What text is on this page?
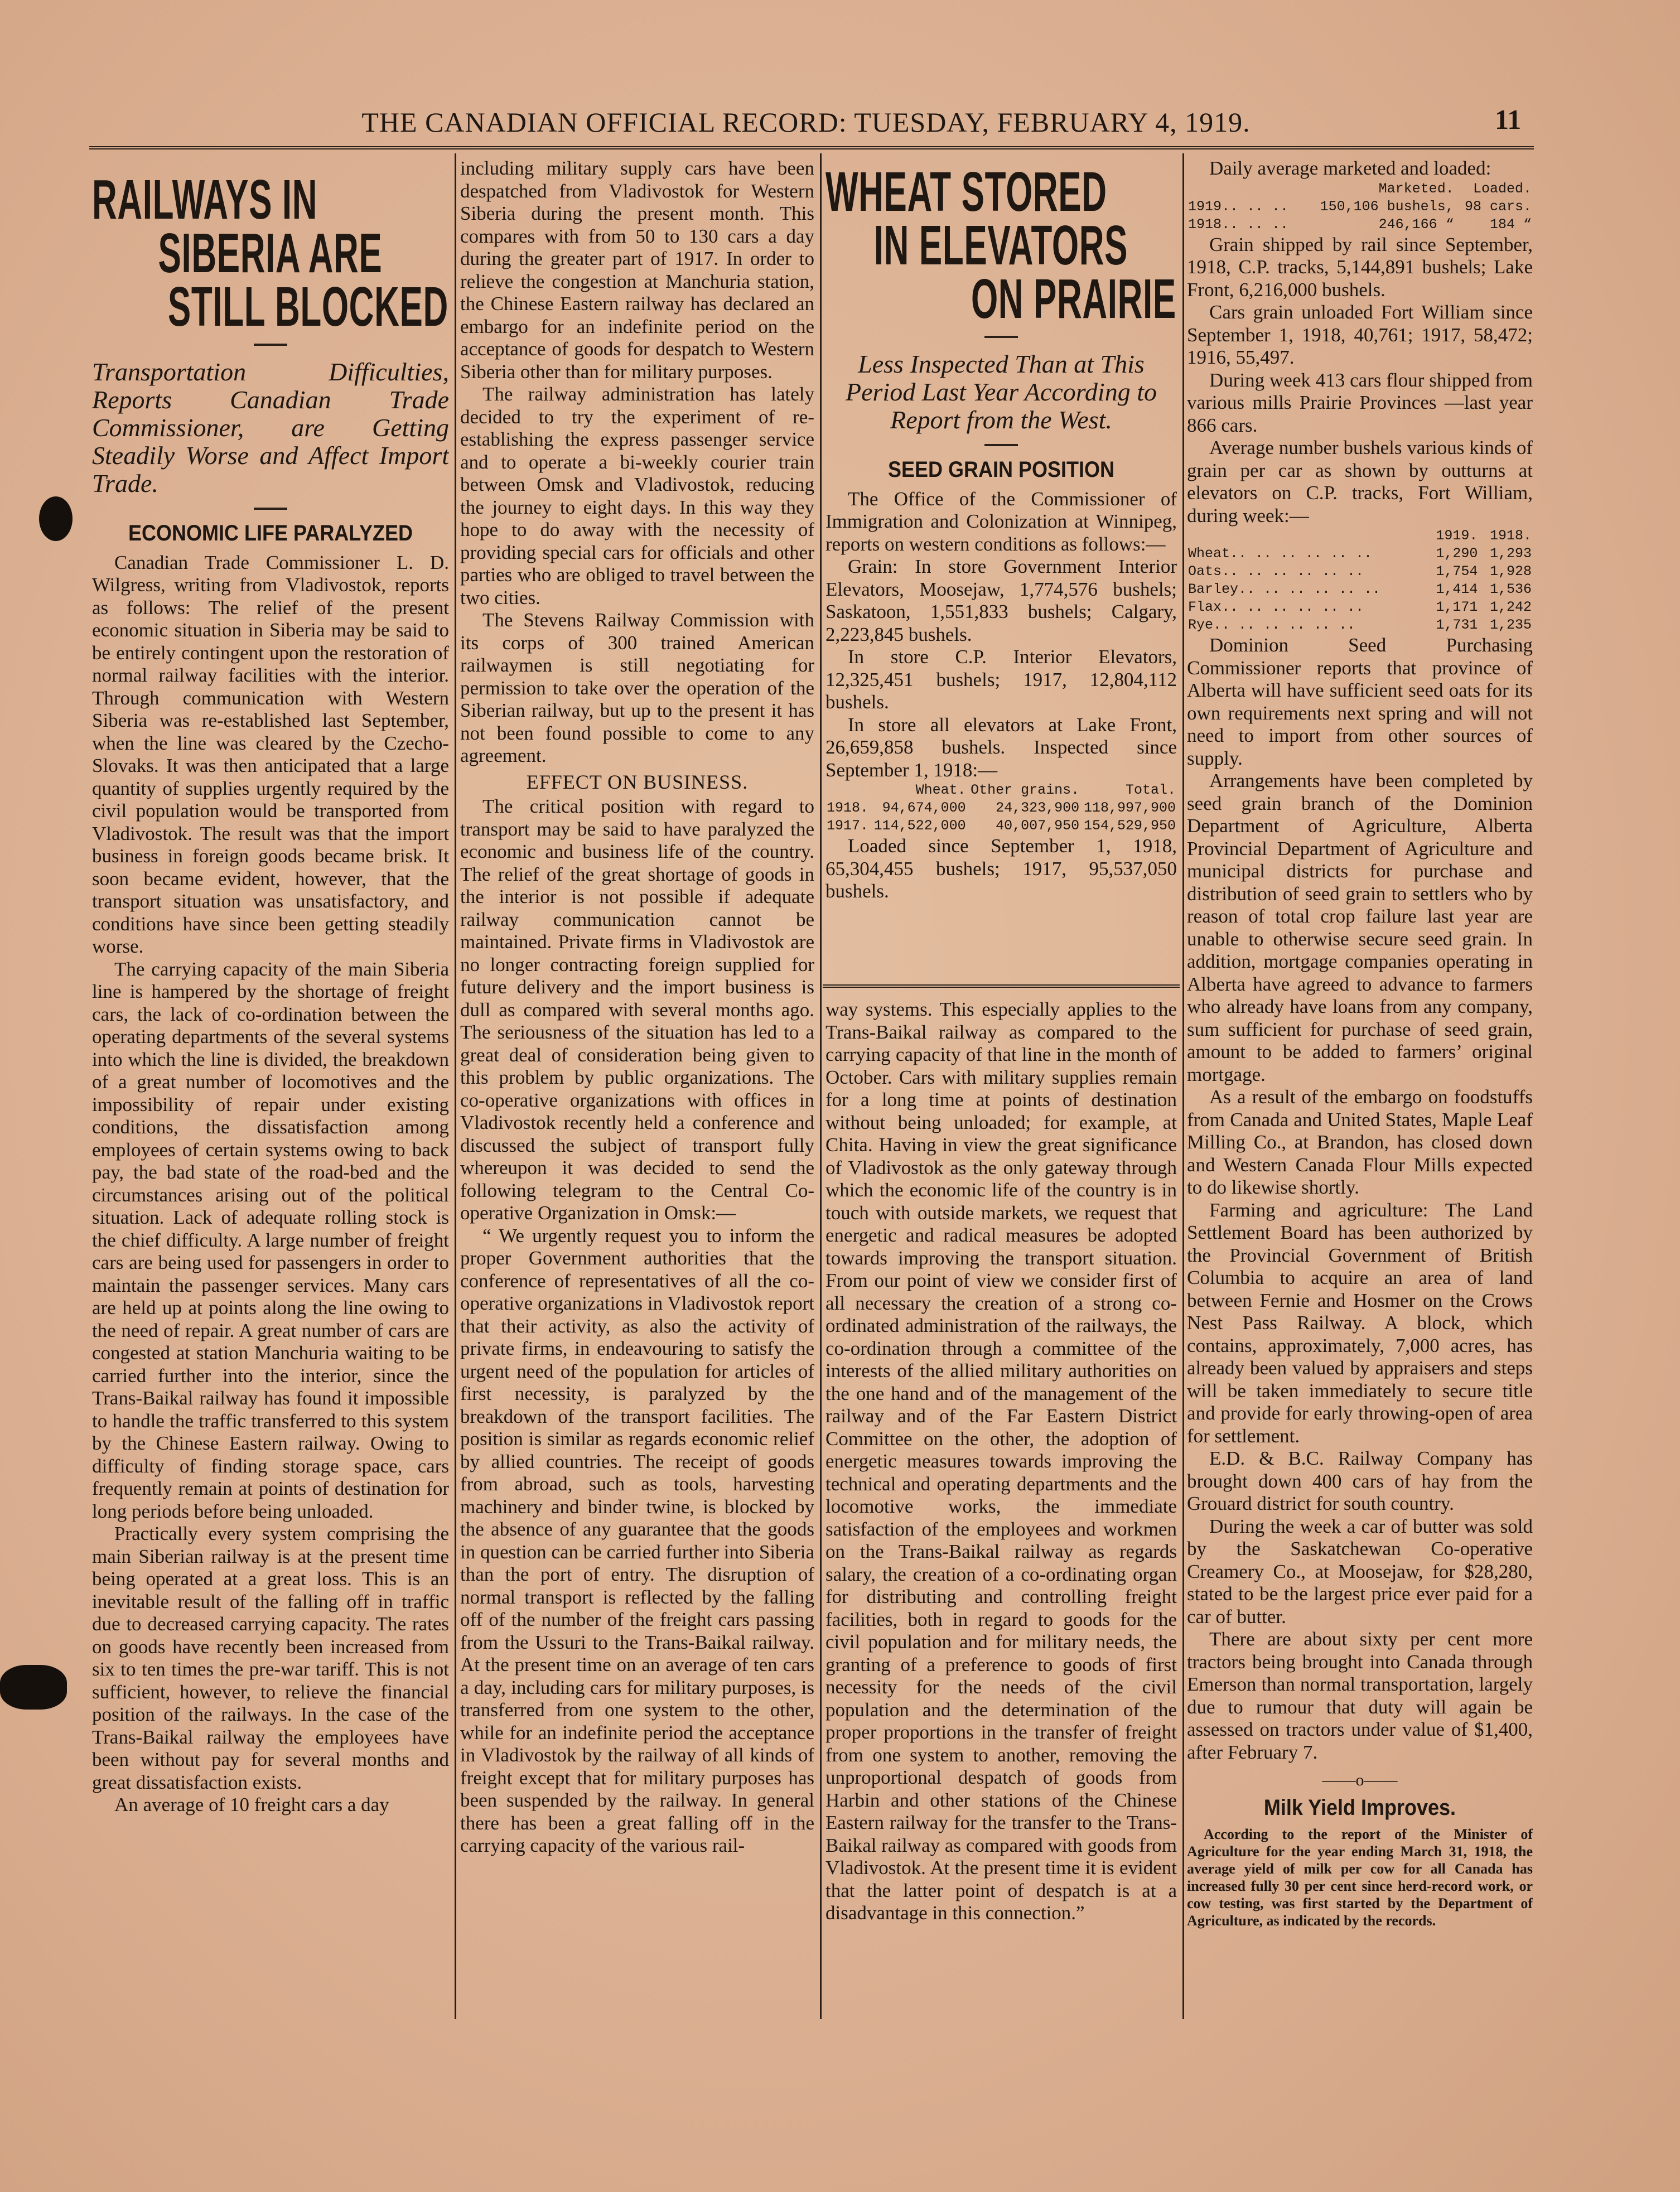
THE CANADIAN OFFICIAL RECORD: TUESDAY, FEBRUARY 4, 1919.	11
RAILWAYS IN
SIBERIA ARE
STILL BLOCKED

Transportation Difficulties, Reports Canadian Trade Commissioner, are Getting Steadily Worse and Affect Import Trade.

ECONOMIC LIFE PARALYZED

Canadian Trade Commissioner L. D. Wilgress, writing from Vladivostok, reports as follows: The relief of the present economic situation in Siberia may be said to be entirely contingent upon the restoration of normal railway facilities with the interior. Through communication with Western Siberia was re-established last September, when the line was cleared by the Czecho-Slovaks. It was then anticipated that a large quantity of supplies urgently required by the civil population would be transported from Vladivostok. The result was that the import business in foreign goods became brisk. It soon became evident, however, that the transport situation was unsatisfactory, and conditions have since been getting steadily worse.

The carrying capacity of the main Siberia line is hampered by the shortage of freight cars, the lack of co-ordination between the operating departments of the several systems into which the line is divided, the breakdown of a great number of locomotives and the impossibility of repair under existing conditions, the dissatisfaction among employees of certain systems owing to back pay, the bad state of the road-bed and the circumstances arising out of the political situation. Lack of adequate rolling stock is the chief difficulty. A large number of freight cars are being used for passengers in order to maintain the passenger services. Many cars are held up at points along the line owing to the need of repair. A great number of cars are congested at station Manchuria waiting to be carried further into the interior, since the Trans-Baikal railway has found it impossible to handle the traffic transferred to this system by the Chinese Eastern railway. Owing to difficulty of finding storage space, cars frequently remain at points of destination for long periods before being unloaded.

Practically every system comprising the main Siberian railway is at the present time being operated at a great loss. This is an inevitable result of the falling off in traffic due to decreased carrying capacity. The rates on goods have recently been increased from six to ten times the pre-war tariff. This is not sufficient, however, to relieve the financial position of the railways. In the case of the Trans-Baikal railway the employees have been without pay for several months and great dissatisfaction exists.

An average of 10 freight cars a day

including military supply cars have been despatched from Vladivostok for Western Siberia during the present month. This compares with from 50 to 130 cars a day during the greater part of 1917. In order to relieve the congestion at Manchuria station, the Chinese Eastern railway has declared an embargo for an indefinite period on the acceptance of goods for despatch to Western Siberia other than for military purposes.

The railway administration has lately decided to try the experiment of re-establishing the express passenger service and to operate a bi-weekly courier train between Omsk and Vladivostok, reducing the journey to eight days. In this way they hope to do away with the necessity of providing special cars for officials and other parties who are obliged to travel between the two cities.

The Stevens Railway Commission with its corps of 300 trained American railwaymen is still negotiating for permission to take over the operation of the Siberian railway, but up to the present it has not been found possible to come to any agreement.

EFFECT ON BUSINESS.

The critical position with regard to transport may be said to have paralyzed the economic and business life of the country. The relief of the great shortage of goods in the interior is not possible if adequate railway communication cannot be maintained. Private firms in Vladivostok are no longer contracting foreign supplied for future delivery and the import business is dull as compared with several months ago. The seriousness of the situation has led to a great deal of consideration being given to this problem by public organizations. The co-operative organizations with offices in Vladivostok recently held a conference and discussed the subject of transport fully whereupon it was decided to send the following telegram to the Central Co-operative Organization in Omsk:—

“ We urgently request you to inform the proper Government authorities that the conference of representatives of all the co-operative organizations in Vladivostok report that their activity, as also the activity of private firms, in endeavouring to satisfy the urgent need of the population for articles of first necessity, is paralyzed by the breakdown of the transport facilities. The position is similar as regards economic relief by allied countries. The receipt of goods from abroad, such as tools, harvesting machinery and binder twine, is blocked by the absence of any guarantee that the goods in question can be carried further into Siberia than the port of entry. The disruption of normal transport is reflected by the falling off of the number of the freight cars passing from the Ussuri to the Trans-Baikal railway. At the present time on an average of ten cars a day, including cars for military purposes, is transferred from one system to the other, while for an indefinite period the acceptance in Vladivostok by the railway of all kinds of freight except that for military purposes has been suspended by the railway. In general there has been a great falling off in the carrying capacity of the various rail-

WHEAT STORED
IN ELEVATORS
ON PRAIRIE

Less Inspected Than at This Period Last Year According to Report from the West.

SEED GRAIN POSITION

The Office of the Commissioner of Immigration and Colonization at Winnipeg, reports on western conditions as follows:—

Grain: In store Government Interior Elevators, Moosejaw, 1,774,576 bushels; Saskatoon, 1,551,833 bushels; Calgary, 2,223,845 bushels.

In store C.P. Interior Elevators, 12,325,451 bushels; 1917, 12,804,112 bushels.

In store all elevators at Lake Front, 26,659,858 bushels. Inspected since September 1, 1918:—

	Wheat.	Other grains.	Total.
1918.	94,674,000	24,323,900	118,997,900
1917.	114,522,000	40,007,950	154,529,950

Loaded since September 1, 1918, 65,304,455 bushels; 1917, 95,537,050 bushels.

way systems. This especially applies to the Trans-Baikal railway as compared to the carrying capacity of that line in the month of October. Cars with military supplies remain for a long time at points of destination without being unloaded; for example, at Chita. Having in view the great significance of Vladivostok as the only gateway through which the economic life of the country is in touch with outside markets, we request that energetic and radical measures be adopted towards improving the transport situation. From our point of view we consider first of all necessary the creation of a strong co-ordinated administration of the railways, the co-ordination through a committee of the interests of the allied military authorities on the one hand and of the management of the railway and of the Far Eastern District Committee on the other, the adoption of energetic measures towards improving the technical and operating departments and the locomotive works, the immediate satisfaction of the employees and workmen on the Trans-Baikal railway as regards salary, the creation of a co-ordinating organ for distributing and controlling freight facilities, both in regard to goods for the civil population and for military needs, the granting of a preference to goods of first necessity for the needs of the civil population and the determination of the proper proportions in the transfer of freight from one system to another, removing the unproportional despatch of goods from Harbin and other stations of the Chinese Eastern railway for the transfer to the Trans-Baikal railway as compared with goods from Vladivostok. At the present time it is evident that the latter point of despatch is at a disadvantage in this connection.”

Daily average marketed and loaded:

	Marketed.	Loaded.
1919.. .. ..	150,106 bushels,	98 cars.
1918.. .. ..	246,166 “	184 “

Grain shipped by rail since September, 1918, C.P. tracks, 5,144,891 bushels; Lake Front, 6,216,000 bushels.

Cars grain unloaded Fort William since September 1, 1918, 40,761; 1917, 58,472; 1916, 55,497.

During week 413 cars flour shipped from various mills Prairie Provinces —last year 866 cars.

Average number bushels various kinds of grain per car as shown by outturns at elevators on C.P. tracks, Fort William, during week:—

	1919.	1918.
Wheat.. .. .. .. .. ..	1,290	1,293
Oats.. .. .. .. .. ..	1,754	1,928
Barley.. .. .. .. .. ..	1,414	1,536
Flax.. .. .. .. .. ..	1,171	1,242
Rye.. .. .. .. .. ..	1,731	1,235

Dominion Seed Purchasing Commissioner reports that province of Alberta will have sufficient seed oats for its own requirements next spring and will not need to import from other sources of supply.

Arrangements have been completed by seed grain branch of the Dominion Department of Agriculture, Alberta Provincial Department of Agriculture and municipal districts for purchase and distribution of seed grain to settlers who by reason of total crop failure last year are unable to otherwise secure seed grain. In addition, mortgage companies operating in Alberta have agreed to advance to farmers who already have loans from any company, sum sufficient for purchase of seed grain, amount to be added to farmers’ original mortgage.

As a result of the embargo on foodstuffs from Canada and United States, Maple Leaf Milling Co., at Brandon, has closed down and Western Canada Flour Mills expected to do likewise shortly.

Farming and agriculture: The Land Settlement Board has been authorized by the Provincial Government of British Columbia to acquire an area of land between Fernie and Hosmer on the Crows Nest Pass Railway. A block, which contains, approximately, 7,000 acres, has already been valued by appraisers and steps will be taken immediately to secure title and provide for early throwing-open of area for settlement.

E.D. & B.C. Railway Company has brought down 400 cars of hay from the Grouard district for south country.

During the week a car of butter was sold by the Saskatchewan Co-operative Creamery Co., at Moosejaw, for $28,280, stated to be the largest price ever paid for a car of butter.

There are about sixty per cent more tractors being brought into Canada through Emerson than normal transportation, largely due to rumour that duty will again be assessed on tractors under value of $1,400, after February 7.

——o——
Milk Yield Improves.

According to the report of the Minister of Agriculture for the year ending March 31, 1918, the average yield of milk per cow for all Canada has increased fully 30 per cent since herd-record work, or cow testing, was first started by the Department of Agriculture, as indicated by the records.
